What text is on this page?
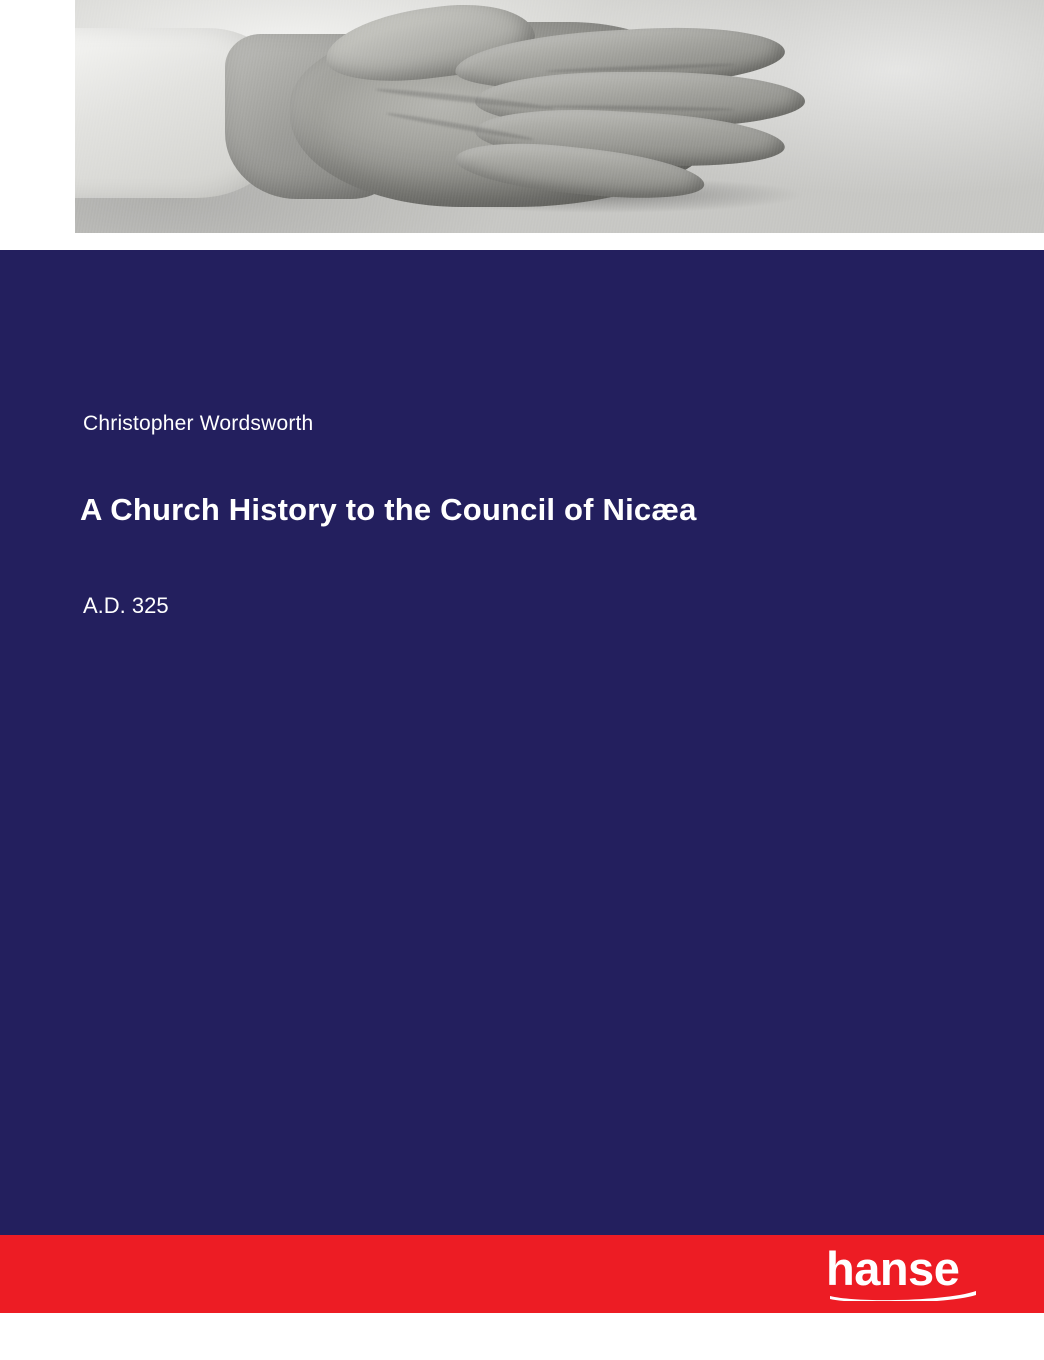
Christopher Wordsworth
A Church History to the Council of Nicæa
A.D. 325
hanse
